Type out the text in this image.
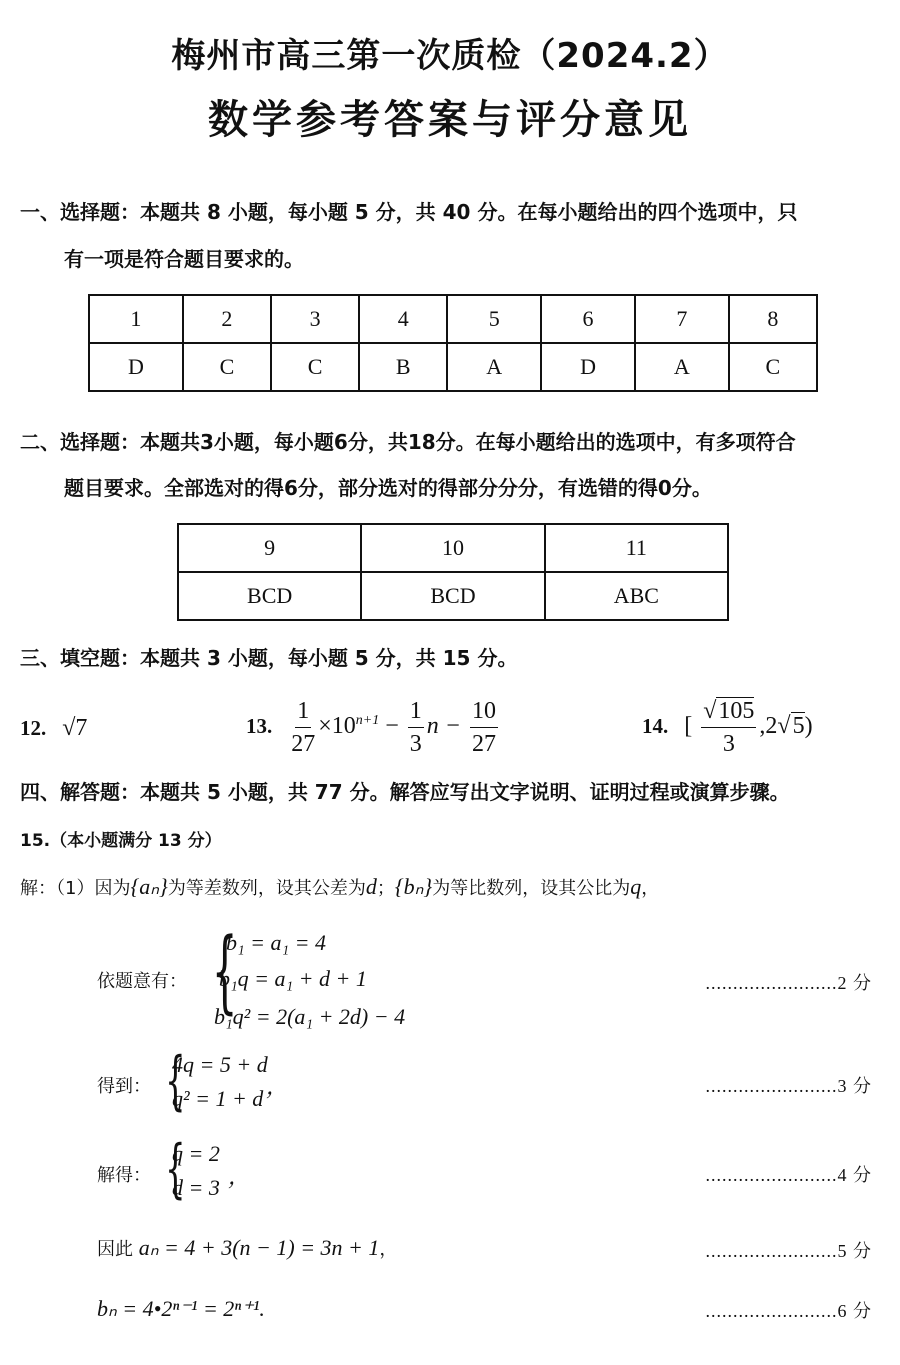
梅州市高三第一次质检（2024.2）
数学参考答案与评分意见
一、选择题：本题共 8 小题，每小题 5 分，共 40 分。在每小题给出的四个选项中，只
有一项是符合题目要求的。
1	2	3	4	5	6	7	8
D	C	C	B	A	D	A	C
二、选择题：本题共3小题，每小题6分，共18分。在每小题给出的选项中，有多项符合
题目要求。全部选对的得6分，部分选对的得部分分分，有选错的得0分。
9	10	11
BCD	BCD	ABC
三、填空题：本题共 3 小题，每小题 5 分，共 15 分。
12. √7	13. $\frac{1}{27} \times 10^{n+1} - \frac{1}{3}$ $n - \frac{10}{27}$	14. [ $\frac{√105}{3} ,2√5$)
四、解答题：本题共 5 小题，共 77 分。解答应写出文字说明、证明过程或演算步骤。
15.（本小题满分 13 分）
解：（1）因为{aₙ}为等差数列，设其公差为d；{bₙ}为等比数列，设其公比为q，
依题意有： {
b₁ = a₁ = 4
b₁q = a₁ + d + 1
b₁q² = 2(a₁ + 2d) − 4
........................2 分
得到： {
4q = 5 + d
q² = 1 + d ，	........................3 分
解得： {
q = 2
d = 3 ，	........................4 分
因此 aₙ = 4 + 3(n − 1) = 3n + 1，	........................5 分
bₙ = 4•2ⁿ⁻¹ = 2ⁿ⁺¹.	........................6 分
